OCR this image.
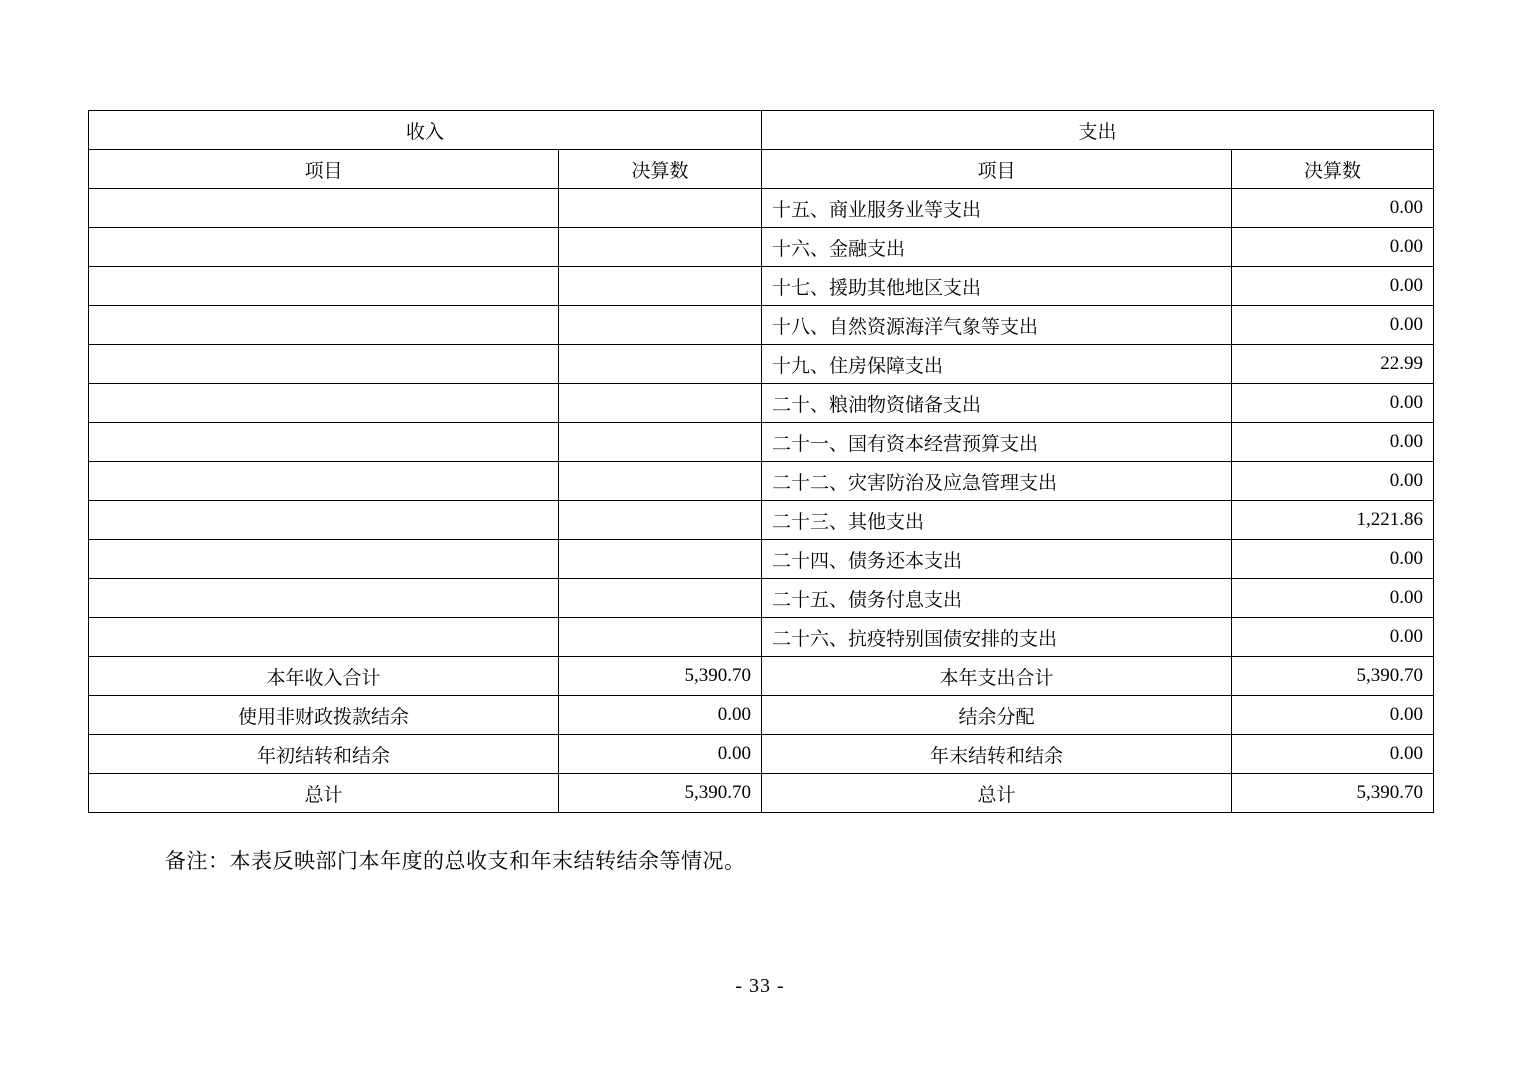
收入		支出	
项目	决算数	项目	决算数
		十五、商业服务业等支出	0.00
		十六、金融支出	0.00
		十七、援助其他地区支出	0.00
		十八、自然资源海洋气象等支出	0.00
		十九、住房保障支出	22.99
		二十、粮油物资储备支出	0.00
		二十一、国有资本经营预算支出	0.00
		二十二、灾害防治及应急管理支出	0.00
		二十三、其他支出	1,221.86
		二十四、债务还本支出	0.00
		二十五、债务付息支出	0.00
		二十六、抗疫特别国债安排的支出	0.00
本年收入合计	5,390.70	本年支出合计	5,390.70
使用非财政拨款结余	0.00	结余分配	0.00
年初结转和结余	0.00	年末结转和结余	0.00
总计	5,390.70	总计	5,390.70
备注：本表反映部门本年度的总收支和年末结转结余等情况。
- 33 -
